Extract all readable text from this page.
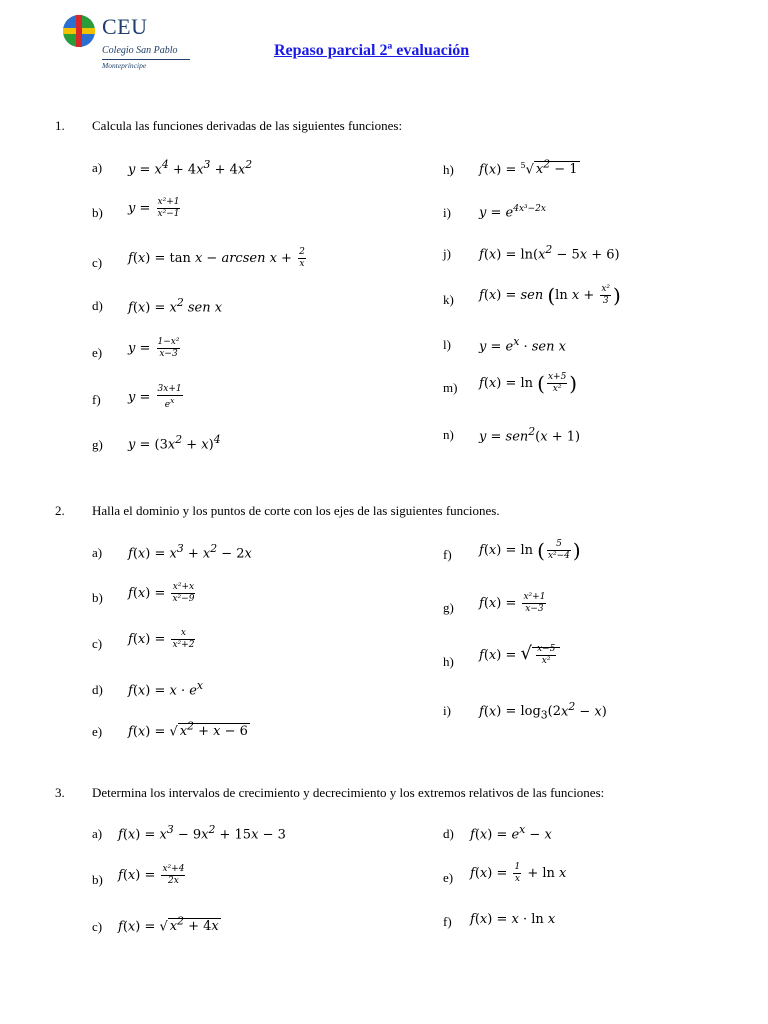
CEU
Colegio San Pablo
Montepríncipe
Repaso parcial 2ª evaluación
1. Calcula las funciones derivadas de las siguientes funciones:
a) $y = x^4 + 4x^3 + 4x^2$
b) $y = \frac{\text{x²+1}}{\text{x²−1}}$
c) f(x) = tan x − arcsen $x + \frac{2}{x}$
d) $f(x) = x^2$ sen x
e) $y = \frac{\text{1−x²}}{x-3}$
f) $y = \frac{3x+1}{e^x}$
g) $y = (3x^2 + x)^4$
h) f(x) = $^5$√ $x^2 - 1$
i) $y = e^{4x^3-2x}$
j) $f(x) = \ln(x^2 - 5x + 6)$
k) f(x) = sen (ln $x + \frac{\text{x²}}{3}$ )
l) $y = e^x$ · sen x
m) f(x) = ln ( $\frac{x+5}{\text{x²}}$ )
n) y = sen$^2$(x + 1)
2. Halla el dominio y los puntos de corte con los ejes de las siguientes funciones.
a) $f(x) = x^3 + x^2 - 2x$
b) $f(x) = \frac{\text{x²+x}}{\text{x²−9}}$
c) $f(x) = \frac{x}{\text{x²+2}}$
d) $f(x) = x \cdot e^x$
e) f(x) = √ $x^2 + x - 6$
f) f(x) = ln ( $\frac{5}{\text{x²−4}}$ )
g) $f(x) = \frac{\text{x²+1}}{x-3}$
h) f(x) = √ $\frac{x-5}{\text{x²}}$
i) $f(x) = \log_3(2x^2 - x)$
3. Determina los intervalos de crecimiento y decrecimiento y los extremos relativos de las funciones:
a) $f(x) = x^3 - 9x^2 + 15x - 3$
b) $f(x) = \frac{\text{x²+4}}{2x}$
c) f(x) = √ $x^2 + 4x$
d) $f(x) = e^x - x$
e) $f(x) = \frac{1}{x} + \ln x$
f) f(x) = x · ln x
